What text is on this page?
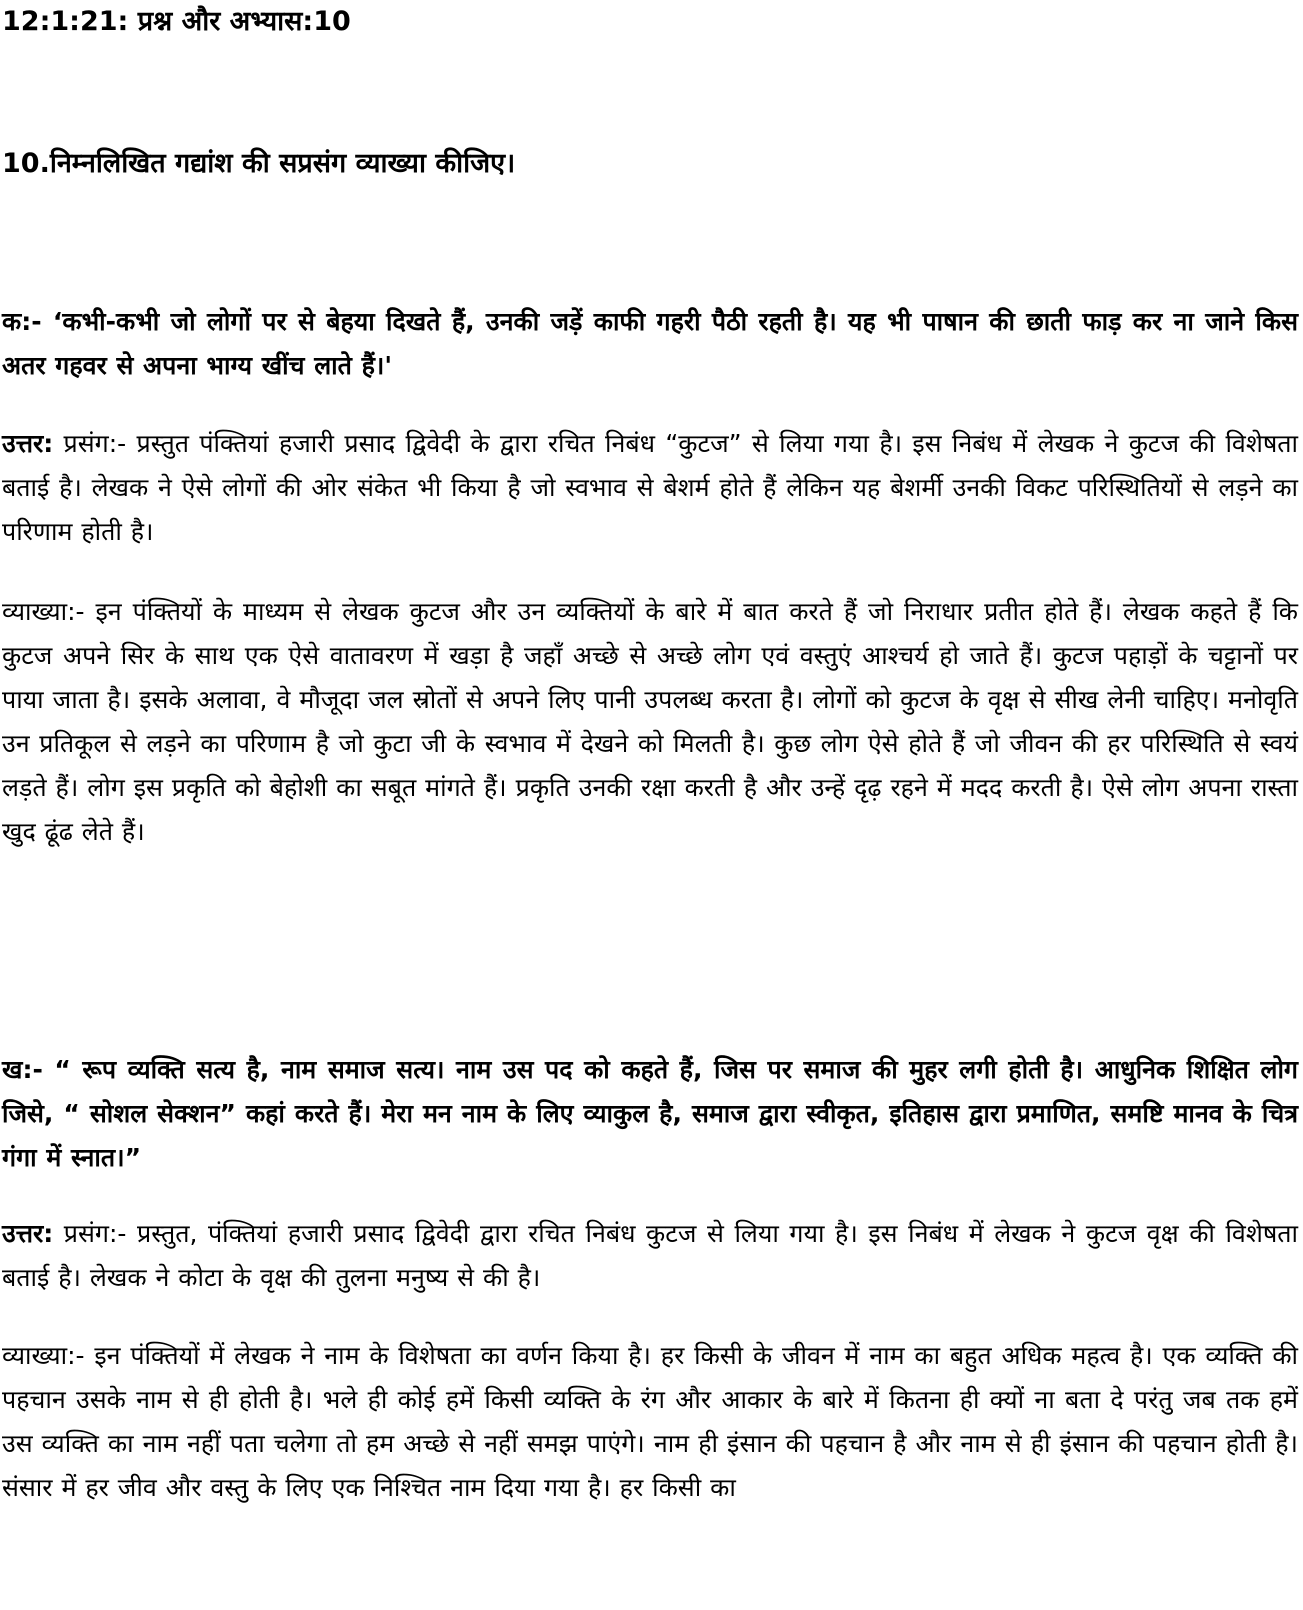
12:1:21: प्रश्न और अभ्यास:10
10.निम्नलिखित गद्यांश की सप्रसंग व्याख्या कीजिए।
क:- ‘कभी-कभी जो लोगों पर से बेहया दिखते हैं, उनकी जड़ें काफी गहरी पैठी रहती है। यह भी पाषान की छाती फाड़ कर ना जाने किस अतर गहवर से अपना भाग्य खींच लाते हैं।'
उत्तर: प्रसंग:- प्रस्तुत पंक्तियां हजारी प्रसाद द्विवेदी के द्वारा रचित निबंध “कुटज” से लिया गया है। इस निबंध में लेखक ने कुटज की विशेषता बताई है। लेखक ने ऐसे लोगों की ओर संकेत भी किया है जो स्वभाव से बेशर्म होते हैं लेकिन यह बेशर्मी उनकी विकट परिस्थितियों से लड़ने का परिणाम होती है।
व्याख्या:- इन पंक्तियों के माध्यम से लेखक कुटज और उन व्यक्तियों के बारे में बात करते हैं जो निराधार प्रतीत होते हैं। लेखक कहते हैं कि कुटज अपने सिर के साथ एक ऐसे वातावरण में खड़ा है जहाँ अच्छे से अच्छे लोग एवं वस्तुएं आश्चर्य हो जाते हैं। कुटज पहाड़ों के चट्टानों पर पाया जाता है। इसके अलावा, वे मौजूदा जल स्रोतों से अपने लिए पानी उपलब्ध करता है। लोगों को कुटज के वृक्ष से सीख लेनी चाहिए। मनोवृति उन प्रतिकूल से लड़ने का परिणाम है जो कुटा जी के स्वभाव में देखने को मिलती है। कुछ लोग ऐसे होते हैं जो जीवन की हर परिस्थिति से स्वयं लड़ते हैं। लोग इस प्रकृति को बेहोशी का सबूत मांगते हैं। प्रकृति उनकी रक्षा करती है और उन्हें दृढ़ रहने में मदद करती है। ऐसे लोग अपना रास्ता खुद ढूंढ लेते हैं।
ख:- “ रूप व्यक्ति सत्य है, नाम समाज सत्य। नाम उस पद को कहते हैं, जिस पर समाज की मुहर लगी होती है। आधुनिक शिक्षित लोग जिसे, “ सोशल सेक्शन” कहां करते हैं। मेरा मन नाम के लिए व्याकुल है, समाज द्वारा स्वीकृत, इतिहास द्वारा प्रमाणित, समष्टि मानव के चित्र गंगा में स्नात।”
उत्तर: प्रसंग:- प्रस्तुत, पंक्तियां हजारी प्रसाद द्विवेदी द्वारा रचित निबंध कुटज से लिया गया है। इस निबंध में लेखक ने कुटज वृक्ष की विशेषता बताई है। लेखक ने कोटा के वृक्ष की तुलना मनुष्य से की है।
व्याख्या:- इन पंक्तियों में लेखक ने नाम के विशेषता का वर्णन किया है। हर किसी के जीवन में नाम का बहुत अधिक महत्व है। एक व्यक्ति की पहचान उसके नाम से ही होती है। भले ही कोई हमें किसी व्यक्ति के रंग और आकार के बारे में कितना ही क्यों ना बता दे परंतु जब तक हमें उस व्यक्ति का नाम नहीं पता चलेगा तो हम अच्छे से नहीं समझ पाएंगे। नाम ही इंसान की पहचान है और नाम से ही इंसान की पहचान होती है। संसार में हर जीव और वस्तु के लिए एक निश्चित नाम दिया गया है। हर किसी का
